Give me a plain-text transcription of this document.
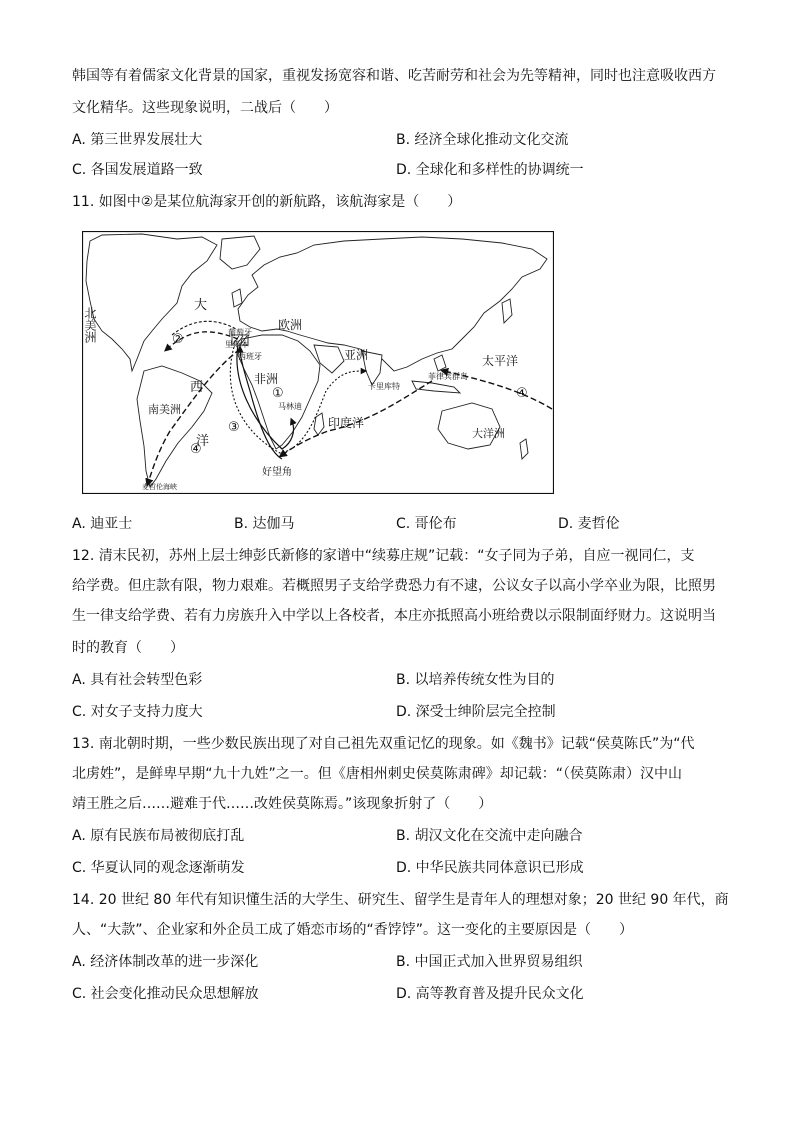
韩国等有着儒家文化背景的国家，重视发扬宽容和谐、吃苦耐劳和社会为先等精神，同时也注意吸收西方
文化精华。这些现象说明，二战后（　　）
A. 第三世界发展壮大	B. 经济全球化推动文化交流
C. 各国发展道路一致	D. 全球化和多样性的协调统一
11. 如图中②是某位航海家开创的新航路，该航海家是（　　）
北美洲
大
西
洋
欧洲
亚洲
非洲
南美洲
葡萄牙
里斯本
西班牙
印度洋
太平洋
大洋洲
好望角
马林迪
卡里库特
菲律宾群岛
麦哲伦海峡
①
②
③
④
④
A. 迪亚士	B. 达伽马	C. 哥伦布	D. 麦哲伦
12. 清末民初，苏州上层士绅彭氏新修的家谱中“续募庄规”记载：“女子同为子弟，自应一视同仁，支
给学费。但庄款有限，物力艰难。若概照男子支给学费恐力有不逮，公议女子以高小学卒业为限，比照男
生一律支给学费、若有力房族升入中学以上各校者，本庄亦抵照高小班给费以示限制面纾财力。这说明当
时的教育（　　）
A. 具有社会转型色彩	B. 以培养传统女性为目的
C. 对女子支持力度大	D. 深受士绅阶层完全控制
13. 南北朝时期，一些少数民族出现了对自己祖先双重记忆的现象。如《魏书》记载“侯莫陈氏”为“代
北虏姓”，是鲜卑早期“九十九姓”之一。但《唐相州刺史侯莫陈肃碑》却记载：“（侯莫陈肃）汉中山
靖王胜之后……避难于代……改姓侯莫陈焉。”该现象折射了（　　）
A. 原有民族布局被彻底打乱	B. 胡汉文化在交流中走向融合
C. 华夏认同的观念逐渐萌发	D. 中华民族共同体意识已形成
14. 20 世纪 80 年代有知识懂生活的大学生、研究生、留学生是青年人的理想对象；20 世纪 90 年代，商
人、“大款”、企业家和外企员工成了婚恋市场的“香饽饽”。这一变化的主要原因是（　　）
A. 经济体制改革的进一步深化	B. 中国正式加入世界贸易组织
C. 社会变化推动民众思想解放	D. 高等教育普及提升民众文化
